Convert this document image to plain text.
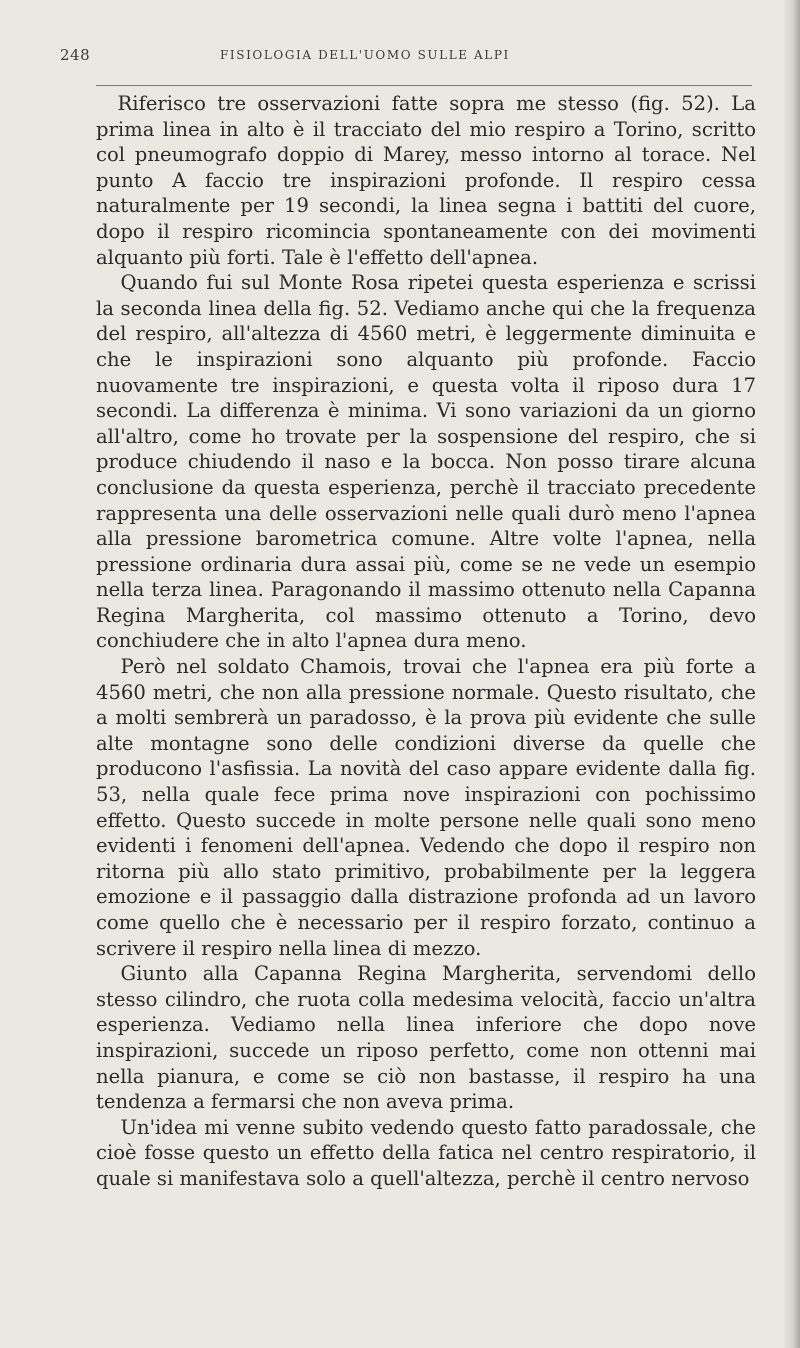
248	FISIOLOGIA DELL'UOMO SULLE ALPI

Riferisco tre osservazioni fatte sopra me stesso (fig. 52). La prima linea in alto è il tracciato del mio respiro a Torino, scritto col pneumografo doppio di Marey, messo intorno al torace. Nel punto A faccio tre inspirazioni profonde. Il respiro cessa naturalmente per 19 secondi, la linea segna i battiti del cuore, dopo il respiro ricomincia spontaneamente con dei movimenti alquanto più forti. Tale è l'effetto dell'apnea.

Quando fui sul Monte Rosa ripetei questa esperienza e scrissi la seconda linea della fig. 52. Vediamo anche qui che la frequenza del respiro, all'altezza di 4560 metri, è leggermente diminuita e che le inspirazioni sono alquanto più profonde. Faccio nuovamente tre inspirazioni, e questa volta il riposo dura 17 secondi. La differenza è minima. Vi sono variazioni da un giorno all'altro, come ho trovate per la sospensione del respiro, che si produce chiudendo il naso e la bocca. Non posso tirare alcuna conclusione da questa esperienza, perchè il tracciato precedente rappresenta una delle osservazioni nelle quali durò meno l'apnea alla pressione barometrica comune. Altre volte l'apnea, nella pressione ordinaria dura assai più, come se ne vede un esempio nella terza linea. Paragonando il massimo ottenuto nella Capanna Regina Margherita, col massimo ottenuto a Torino, devo conchiudere che in alto l'apnea dura meno.

Però nel soldato Chamois, trovai che l'apnea era più forte a 4560 metri, che non alla pressione normale. Questo risultato, che a molti sembrerà un paradosso, è la prova più evidente che sulle alte montagne sono delle condizioni diverse da quelle che producono l'asfissia. La novità del caso appare evidente dalla fig. 53, nella quale fece prima nove inspirazioni con pochissimo effetto. Questo succede in molte persone nelle quali sono meno evidenti i fenomeni dell'apnea. Vedendo che dopo il respiro non ritorna più allo stato primitivo, probabilmente per la leggera emozione e il passaggio dalla distrazione profonda ad un lavoro come quello che è necessario per il respiro forzato, continuo a scrivere il respiro nella linea di mezzo.

Giunto alla Capanna Regina Margherita, servendomi dello stesso cilindro, che ruota colla medesima velocità, faccio un'altra esperienza. Vediamo nella linea inferiore che dopo nove inspirazioni, succede un riposo perfetto, come non ottenni mai nella pianura, e come se ciò non bastasse, il respiro ha una tendenza a fermarsi che non aveva prima.

Un'idea mi venne subito vedendo questo fatto paradossale, che cioè fosse questo un effetto della fatica nel centro respiratorio, il quale si manifestava solo a quell'altezza, perchè il centro nervoso
